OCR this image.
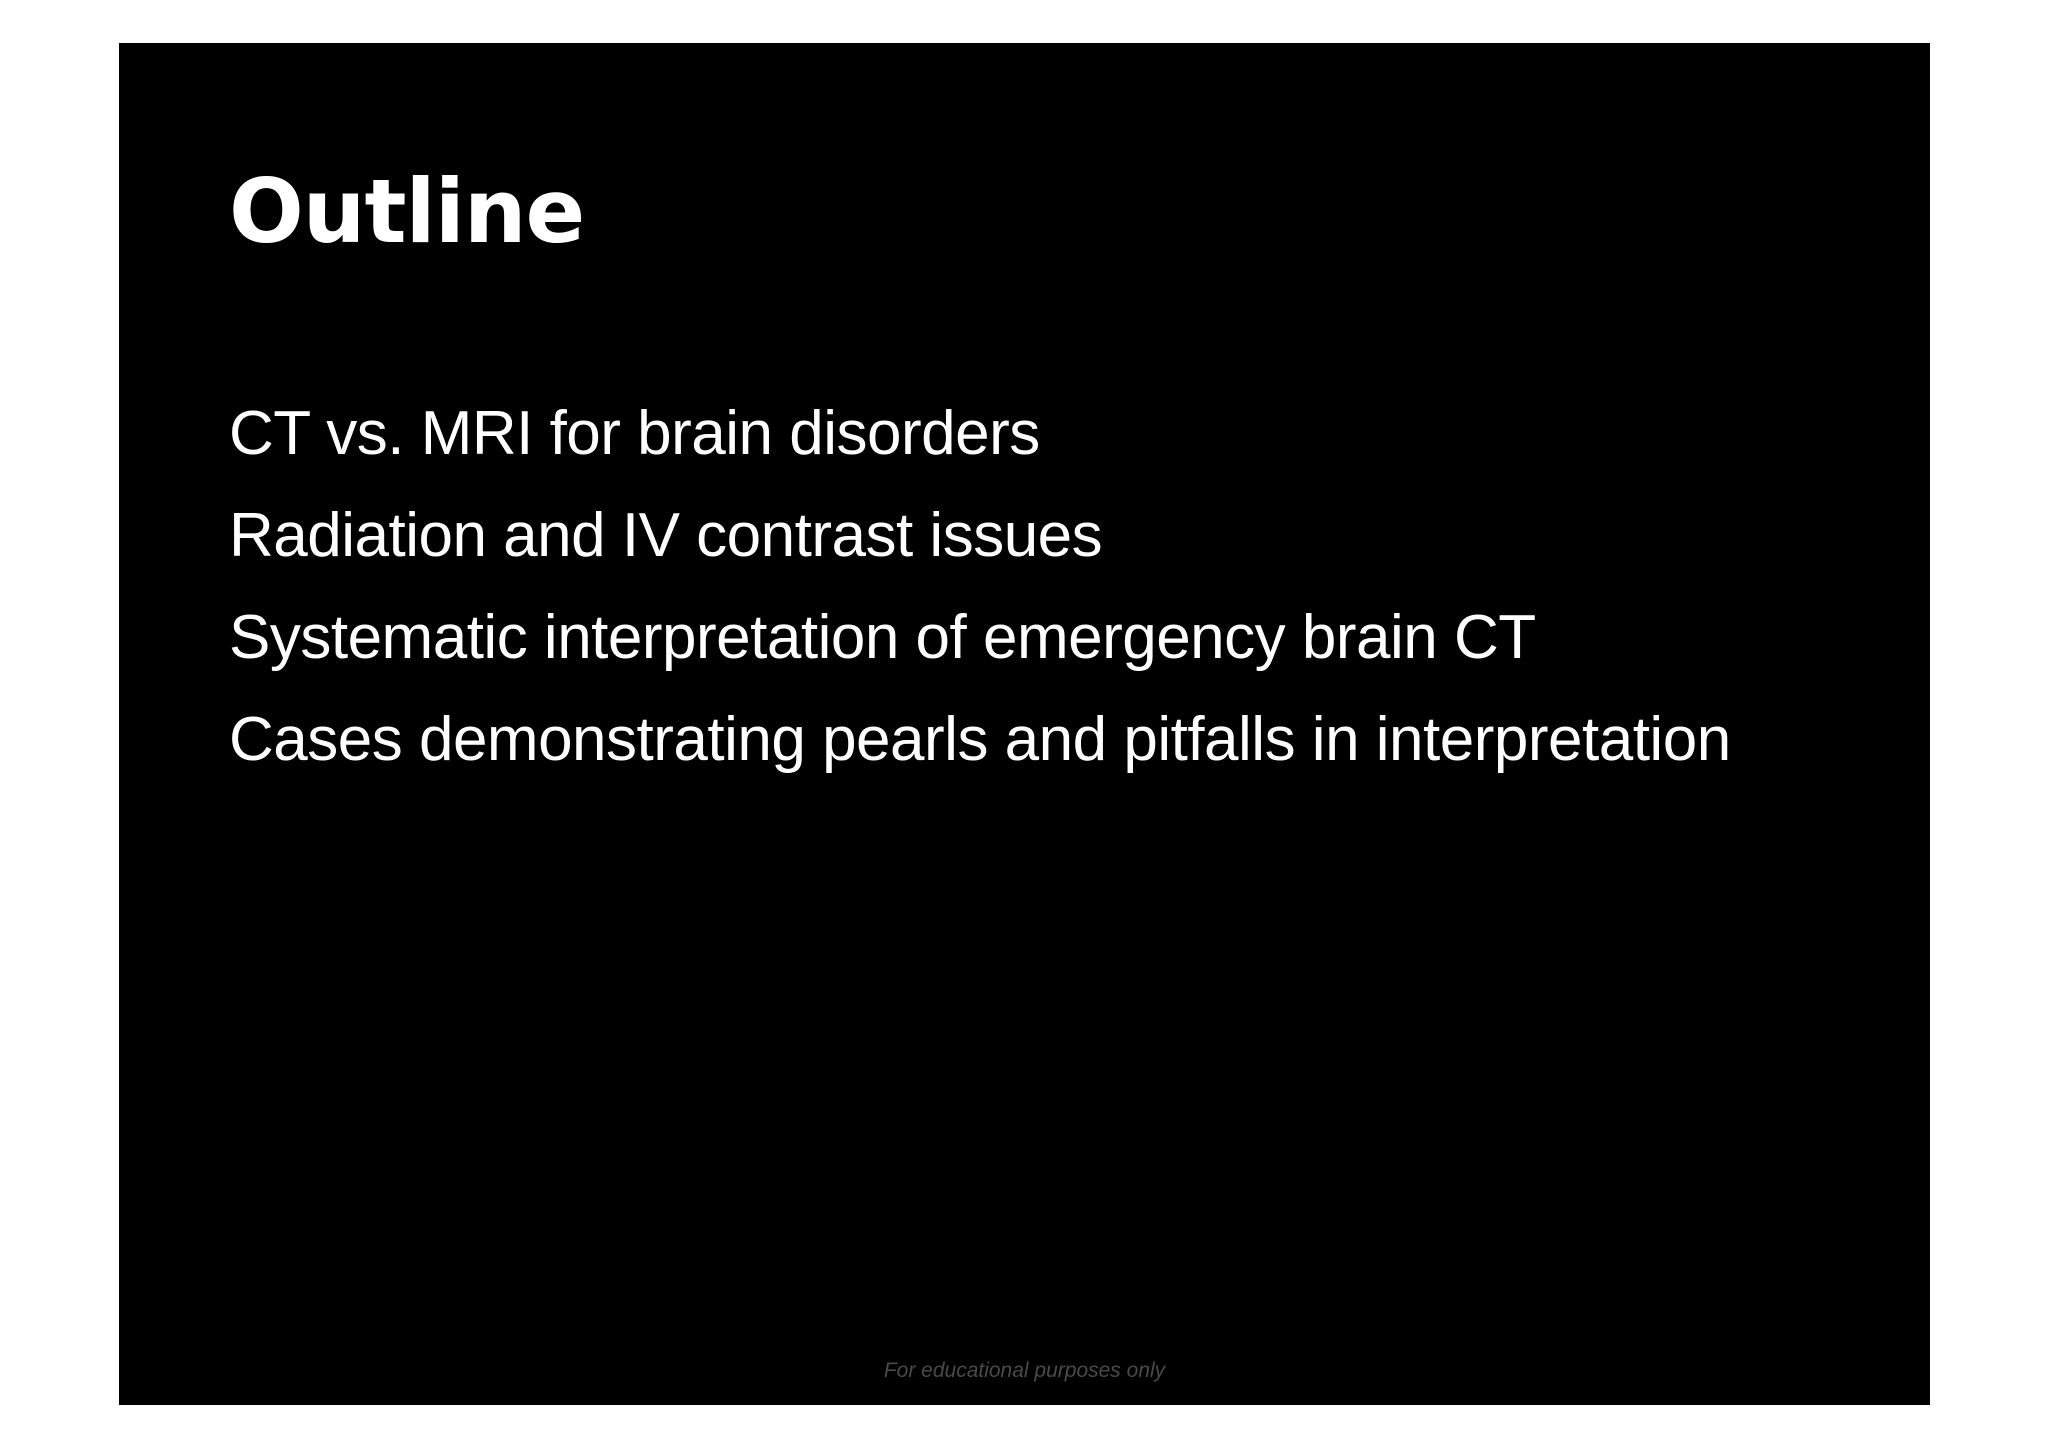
Outline
CT vs. MRI for brain disorders
Radiation and IV contrast issues
Systematic interpretation of emergency brain CT
Cases demonstrating pearls and pitfalls in interpretation
For educational purposes only
